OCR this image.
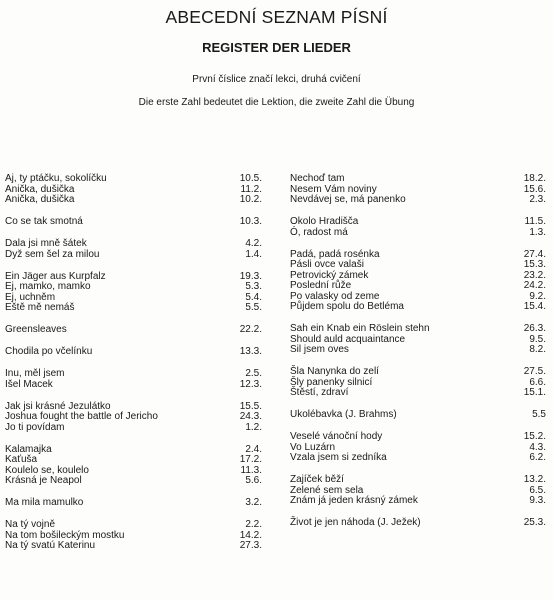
ABECEDNÍ SEZNAM PÍSNÍ
REGISTER DER LIEDER
První číslice značí lekci, druhá cvičení
Die erste Zahl bedeutet die Lektion, die zweite Zahl die Übung
Aj, ty ptáčku, sokolíčku	10.5.
Anička, dušička	11.2.
Anička, dušička	10.2.
Co se tak smotná	10.3.
Dala jsi mně šátek	4.2.
Dyž sem šel za milou	1.4.
Ein Jäger aus Kurpfalz	19.3.
Ej, mamko, mamko	5.3.
Ej, uchněm	5.4.
Eště mě nemáš	5.5.
Greensleaves	22.2.
Chodila po včelínku	13.3.
Inu, měl jsem	2.5.
Išel Macek	12.3.
Jak jsi krásné Jezulátko	15.5.
Joshua fought the battle of Jericho	24.3.
Jo ti povídam	1.2.
Kalamajka	2.4.
Kaťuša	17.2.
Koulelo se, koulelo	11.3.
Krásná je Neapol	5.6.
Ma mila mamulko	3.2.
Na tý vojně	2.2.
Na tom bošileckým mostku	14.2.
Na tý svatú Katerinu	27.3.
Nechoď tam	18.2.
Nesem Vám noviny	15.6.
Nevdávej se, má panenko	2.3.
Okolo Hradišča	11.5.
Ó, radost má	1.3.
Padá, padá rosénka	27.4.
Pásli ovce valaši	15.3.
Petrovický zámek	23.2.
Poslední růže	24.2.
Po valasky od zeme	9.2.
Půjdem spolu do Betléma	15.4.
Sah ein Knab ein Röslein stehn	26.3.
Should auld acquaintance	9.5.
Sil jsem oves	8.2.
Šla Nanynka do zelí	27.5.
Šly panenky silnicí	6.6.
Štěstí, zdraví	15.1.
Ukolébavka (J. Brahms)	5.5
Veselé vánoční hody	15.2.
Vo Luzárn	4.3.
Vzala jsem si zedníka	6.2.
Zajíček běží	13.2.
Zelené sem sela	6.5.
Znám já jeden krásný zámek	9.3.
Život je jen náhoda (J. Ježek)	25.3.
